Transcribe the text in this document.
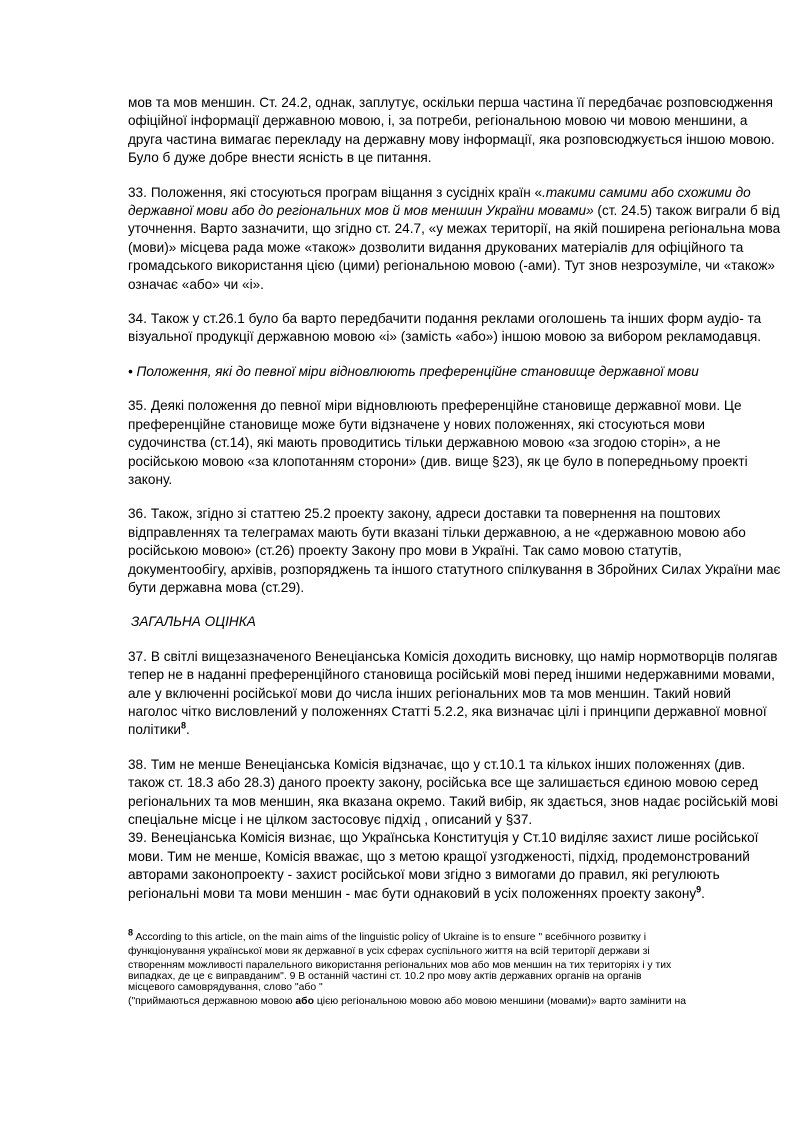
мов та мов меншин. Ст. 24.2, однак, заплутує, оскільки перша частина її передбачає розповсюдження офіційної інформації державною мовою, і, за потреби, регіональною мовою чи мовою меншини, а друга частина вимагає перекладу на державну мову інформації, яка розповсюджується іншою мовою. Було б дуже добре внести ясність в це питання.

33. Положення, які стосуються програм віщання з сусідніх країн «.такими самими або схожими до державної мови або до регіональних мов й мов меншин України мовами» (ст. 24.5) також виграли б від уточнення. Варто зазначити, що згідно ст. 24.7, «у межах території, на якій поширена регіональна мова (мови)» місцева рада може «також» дозволити видання друкованих матеріалів для офіційного та громадського використання цією (цими) регіональною мовою (-ами). Тут знов незрозуміле, чи «також» означає «або» чи «і».

34. Також у ст.26.1 було ба варто передбачити подання реклами оголошень та інших форм аудіо- та візуальної продукції державною мовою «і» (замість «або») іншою мовою за вибором рекламодавця.

• Положення, які до певної міри відновлюють преференційне становище державної мови

35. Деякі положення до певної міри відновлюють преференційне становище державної мови. Це преференційне становище може бути відзначене у нових положеннях, які стосуються мови судочинства (ст.14), які мають проводитись тільки державною мовою «за згодою сторін», а не російською мовою «за клопотанням сторони» (див. вище §23), як це було в попередньому проекті закону.

36. Також, згідно зі статтею 25.2 проекту закону, адреси доставки та повернення на поштових відправленнях та телеграмах мають бути вказані тільки державною, а не «державною мовою або російською мовою» (ст.26) проекту Закону про мови в Україні. Так само мовою статутів, документообігу, архівів, розпоряджень та іншого статутного спілкування в Збройних Силах України має бути державна мова (ст.29).

ЗАГАЛЬНА ОЦІНКА

37. В світлі вищезазначеного Венеціанська Комісія доходить висновку, що намір нормотворців полягав тепер не в наданні преференційного становища російській мові перед іншими недержавними мовами, але у включенні російської мови до числа інших регіональних мов та мов меншин. Такий новий наголос чітко висловлений у положеннях Статті 5.2.2, яка визначає цілі і принципи державної мовної політики$^8$.

38. Тим не менше Венеціанська Комісія відзначає, що у ст.10.1 та кількох інших положеннях (див. також ст. 18.3 або 28.3) даного проекту закону, російська все ще залишається єдиною мовою серед регіональних та мов меншин, яка вказана окремо. Такий вибір, як здається, знов надає російській мові спеціальне місце і не цілком застосовує підхід , описаний у §37.

39. Венеціанська Комісія визнає, що Українська Конституція у Ст.10 виділяє захист лише російської мови. Тим не менше, Комісія вважає, що з метою кращої узгодженості, підхід, продемонстрований авторами законопроекту - захист російської мови згідно з вимогами до правил, які регулюють регіональні мови та мови меншин - має бути однаковий в усіх положеннях проекту закону$^9$.

$^8$ According to this article, on the main aims of the linguistic policy of Ukraine is to ensure " всебічного розвитку і
функціонування української мови як державної в усіх сферах суспільного життя на всій території держави зі
створенням можливості паралельного використання регіональних мов або мов меншин на тих територіях і у тих
випадках, де це є виправданим". 9 В останній частині ст. 10.2 про мову актів державних органів на органів
місцевого самоврядування, слово "або "
("приймаються державною мовою або цією регіональною мовою або мовою меншини (мовами)» варто замінити на
